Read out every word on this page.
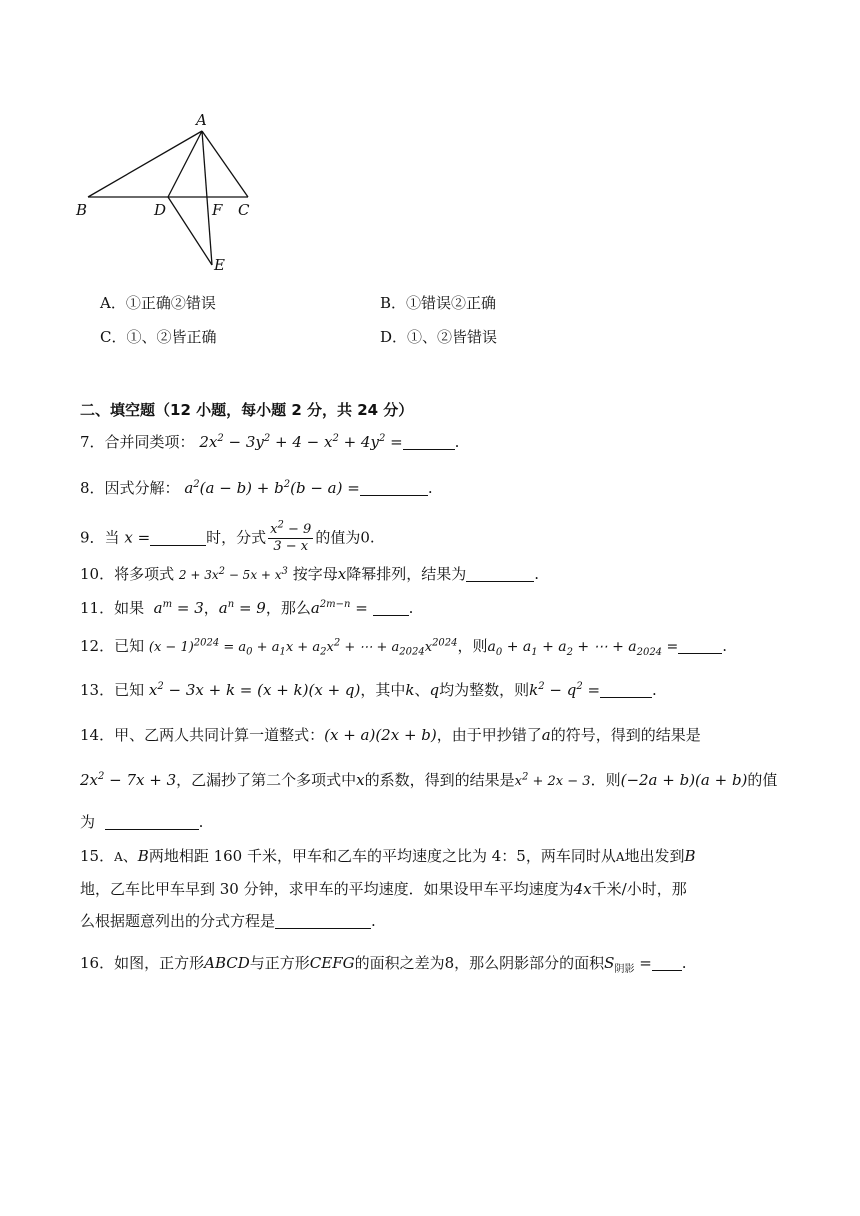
A
B	D	F C
E
A．①正确②错误	B．①错误②正确
C．①、②皆正确	D．①、②皆错误
二、填空题（12 小题，每小题 2 分，共 24 分）
7．合并同类项： $2x^2 - 3y^2 + 4 - x^2 + 4y^2$ =	.
8．因式分解： $a^2(a - b) + b^2(b - a)$ =	.
9．当 x =	时，分式 $\frac{x^2 - 9}{3 - x}$ 的值为0.
10．将多项式 $2 + 3x^2 - 5x + x^3$ 按字母x降幂排列，结果为	.
11．如果  $a^m = 3$，$a^n = 9$，那么$a^{2m-n}$ =	.
12．已知 $(x - 1)^{2024} = a_0 + a_1x + a_2x^2$ + ⋯ + $a_{2024}x^{2024}$，则$a_0 + a_1 + a_2$ + ⋯ + $a_{2024}$ =	.
13．已知 $x^2 - 3x + k = (x + k)(x + q)$，其中k、q均为整数，则$k^2 - q^2$ =	.
14．甲、乙两人共同计算一道整式：(x + a)(2x + b)，由于甲抄错了a的符号，得到的结果是
$2x^2 - 7x + 3$，乙漏抄了第二个多项式中x的系数，得到的结果是$x^2 + 2x - 3$．则(−2a + b)(a + b)的值
为	.
15．A、B两地相距 160 千米，甲车和乙车的平均速度之比为 4：5，两车同时从A地出发到B
地，乙车比甲车早到 30 分钟，求甲车的平均速度．如果设甲车平均速度为4x千米/小时，那
么根据题意列出的分式方程是	.
16．如图，正方形ABCD与正方形CEFG的面积之差为8，那么阴影部分的面积$S_{阴影}$ = .
